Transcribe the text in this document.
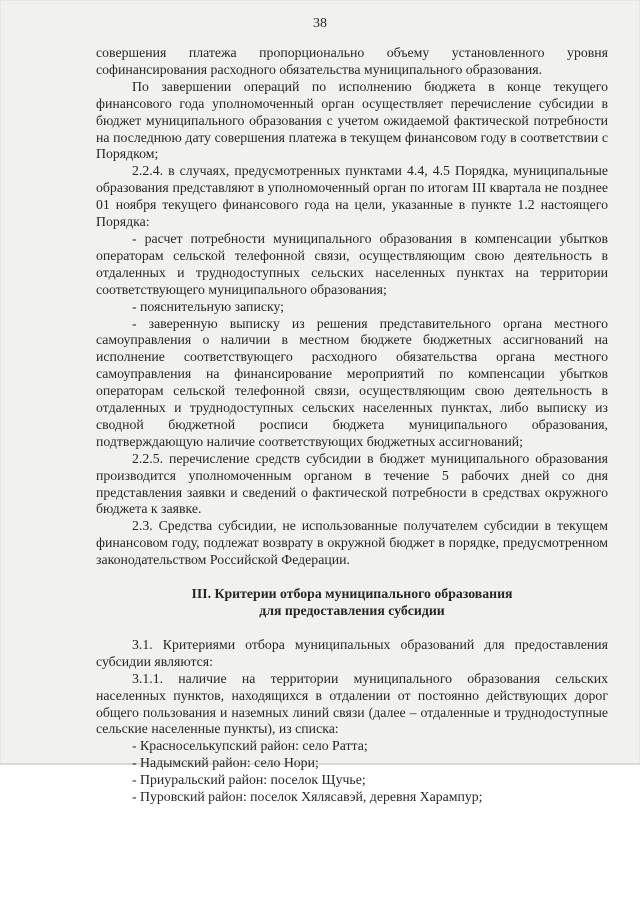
38

совершения платежа пропорционально объему установленного уровня софинансирования расходного обязательства муниципального образования.

По завершении операций по исполнению бюджета в конце текущего финансового года уполномоченный орган осуществляет перечисление субсидии в бюджет муниципального образования с учетом ожидаемой фактической потребности на последнюю дату совершения платежа в текущем финансовом году в соответствии с Порядком;

2.2.4. в случаях, предусмотренных пунктами 4.4, 4.5 Порядка, муниципальные образования представляют в уполномоченный орган по итогам III квартала не позднее 01 ноября текущего финансового года на цели, указанные в пункте 1.2 настоящего Порядка:

- расчет потребности муниципального образования в компенсации убытков операторам сельской телефонной связи, осуществляющим свою деятельность в отдаленных и труднодоступных сельских населенных пунктах на территории соответствующего муниципального образования;

- пояснительную записку;

- заверенную выписку из решения представительного органа местного самоуправления о наличии в местном бюджете бюджетных ассигнований на исполнение соответствующего расходного обязательства органа местного самоуправления на финансирование мероприятий по компенсации убытков операторам сельской телефонной связи, осуществляющим свою деятельность в отдаленных и труднодоступных сельских населенных пунктах, либо выписку из сводной бюджетной росписи бюджета муниципального образования, подтверждающую наличие соответствующих бюджетных ассигнований;

2.2.5. перечисление средств субсидии в бюджет муниципального образования производится уполномоченным органом в течение 5 рабочих дней со дня представления заявки и сведений о фактической потребности в средствах окружного бюджета к заявке.

2.3. Средства субсидии, не использованные получателем субсидии в текущем финансовом году, подлежат возврату в окружной бюджет в порядке, предусмотренном законодательством Российской Федерации.

III. Критерии отбора муниципального образования
для предоставления субсидии

3.1. Критериями отбора муниципальных образований для предоставления субсидии являются:

3.1.1. наличие на территории муниципального образования сельских населенных пунктов, находящихся в отдалении от постоянно действующих дорог общего пользования и наземных линий связи (далее – отдаленные и труднодоступные сельские населенные пункты), из списка:

- Красноселькупский район: село Ратта;

- Надымский район: село Нори;

- Приуральский район: поселок Щучье;

- Пуровский район: поселок Хялясавэй, деревня Харампур;
